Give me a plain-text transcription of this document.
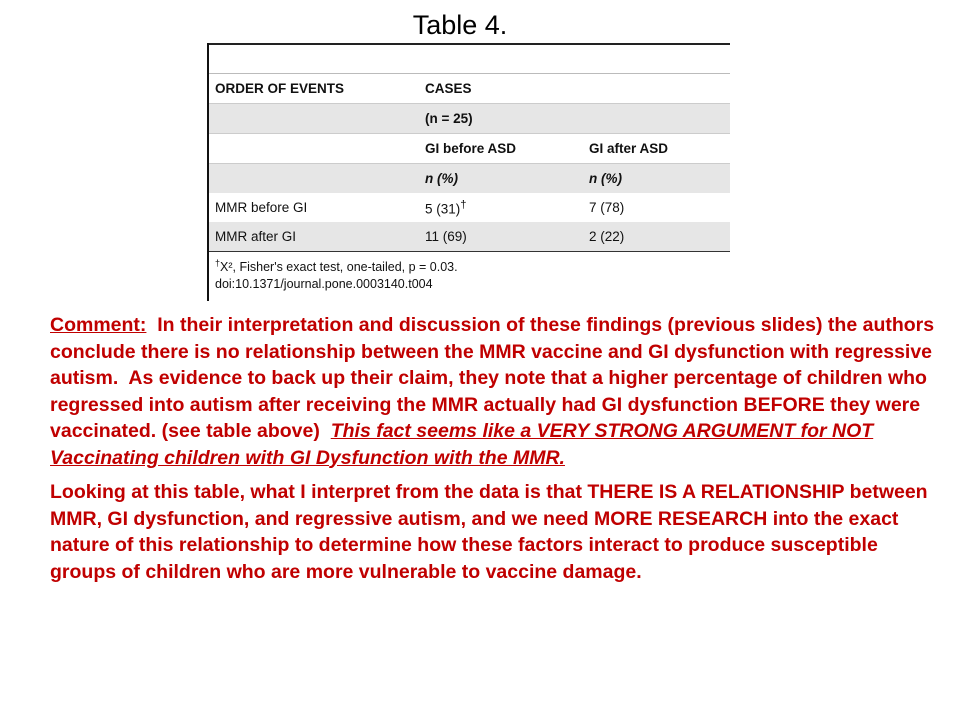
Table 4.

ORDER OF EVENTS	CASES	
	(n = 25)	
	GI before ASD	GI after ASD
	n (%)	n (%)
MMR before GI	5 (31)†	7 (78)
MMR after GI	11 (69)	2 (22)
†X², Fisher's exact test, one-tailed, p = 0.03.
doi:10.1371/journal.pone.0003140.t004

Comment:  In their interpretation and discussion of these findings (previous slides) the authors conclude there is no relationship between the MMR vaccine and GI dysfunction with regressive autism.  As evidence to back up their claim, they note that a higher percentage of children who regressed into autism after receiving the MMR actually had GI dysfunction BEFORE they were vaccinated. (see table above)  This fact seems like a VERY STRONG ARGUMENT for NOT Vaccinating children with GI Dysfunction with the MMR.

Looking at this table, what I interpret from the data is that THERE IS A RELATIONSHIP between MMR, GI dysfunction, and regressive autism, and we need MORE RESEARCH into the exact nature of this relationship to determine how these factors interact to produce susceptible groups of children who are more vulnerable to vaccine damage.
